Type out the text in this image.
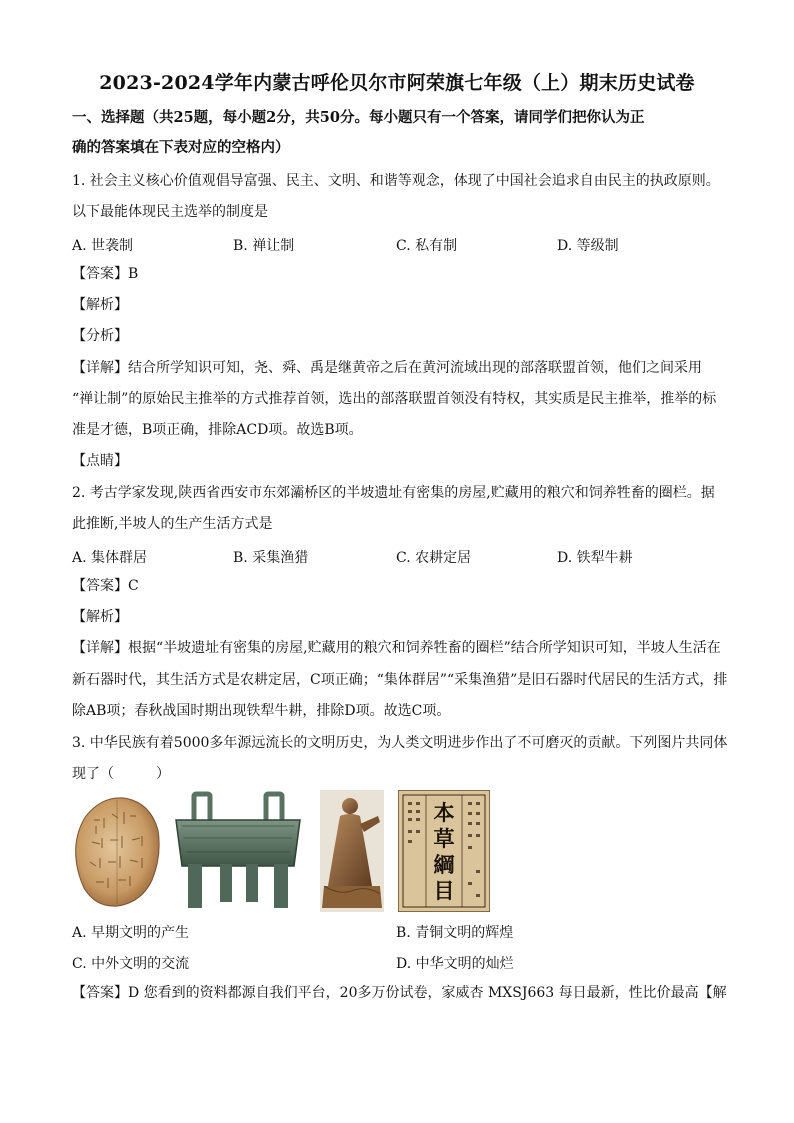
2023-2024学年内蒙古呼伦贝尔市阿荣旗七年级（上）期末历史试卷
一、选择题（共25题，每小题2分，共50分。每小题只有一个答案，请同学们把你认为正
确的答案填在下表对应的空格内）
1. 社会主义核心价值观倡导富强、民主、文明、和谐等观念，体现了中国社会追求自由民主的执政原则。
以下最能体现民主选举的制度是
A. 世袭制	B. 禅让制	C. 私有制	D. 等级制
【答案】B
【解析】
【分析】
【详解】结合所学知识可知，尧、舜、禹是继黄帝之后在黄河流域出现的部落联盟首领，他们之间采用
“禅让制”的原始民主推举的方式推荐首领，选出的部落联盟首领没有特权，其实质是民主推举，推举的标
准是才德，B项正确，排除ACD项。故选B项。
【点睛】
2. 考古学家发现,陕西省西安市东郊灞桥区的半坡遗址有密集的房屋,贮藏用的粮穴和饲养牲畜的圈栏。据
此推断,半坡人的生产生活方式是
A. 集体群居	B. 采集渔猎	C. 农耕定居	D. 铁犁牛耕
【答案】C
【解析】
【详解】根据“半坡遗址有密集的房屋,贮藏用的粮穴和饲养牲畜的圈栏”结合所学知识可知，半坡人生活在
新石器时代，其生活方式是农耕定居，C项正确；“集体群居”“采集渔猎”是旧石器时代居民的生活方式，排
除AB项；春秋战国时期出现铁犁牛耕，排除D项。故选C项。
3. 中华民族有着5000多年源远流长的文明历史，为人类文明进步作出了不可磨灭的贡献。下列图片共同体
现了（　　　）
本
草
綱
目
A. 早期文明的产生	B. 青铜文明的辉煌
C. 中外文明的交流	D. 中华文明的灿烂
【答案】D 您看到的资料都源自我们平台，20多万份试卷，家威杏 MXSJ663 每日最新，性比价最高【解
